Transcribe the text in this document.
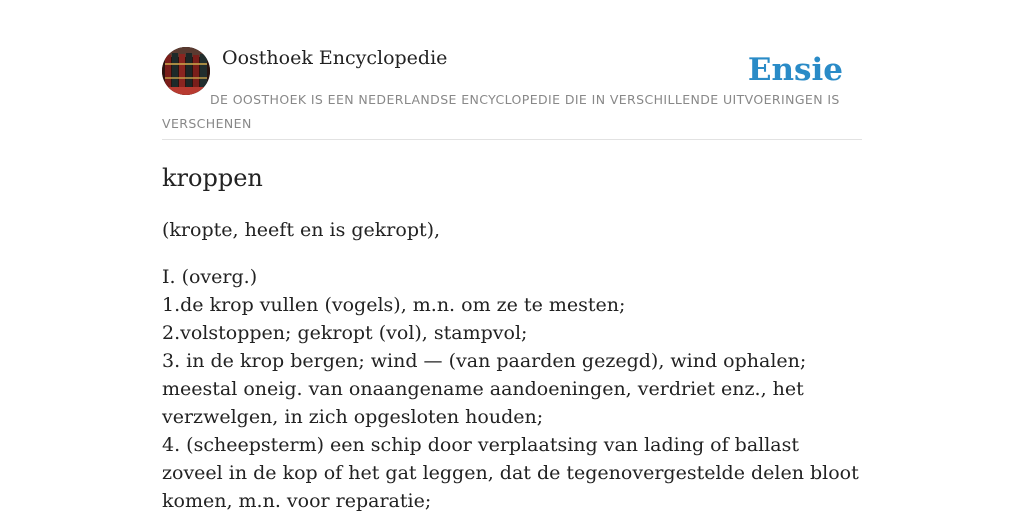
Oosthoek Encyclopedie	Ensie

DE OOSTHOEK IS EEN NEDERLANDSE ENCYCLOPEDIE DIE IN VERSCHILLENDE UITVOERINGEN IS VERSCHENEN

kroppen

(kropte, heeft en is gekropt),

I. (overg.)
1.de krop vullen (vogels), m.n. om ze te mesten;
2.volstoppen; gekropt (vol), stampvol;
3. in de krop bergen; wind — (van paarden gezegd), wind ophalen; meestal oneig. van onaangename aandoeningen, verdriet enz., het verzwelgen, in zich opgesloten houden;
4. (scheepsterm) een schip door verplaatsing van lading of ballast zoveel in de kop of het gat leggen, dat de tegenovergestelde delen bloot komen, m.n. voor reparatie;
